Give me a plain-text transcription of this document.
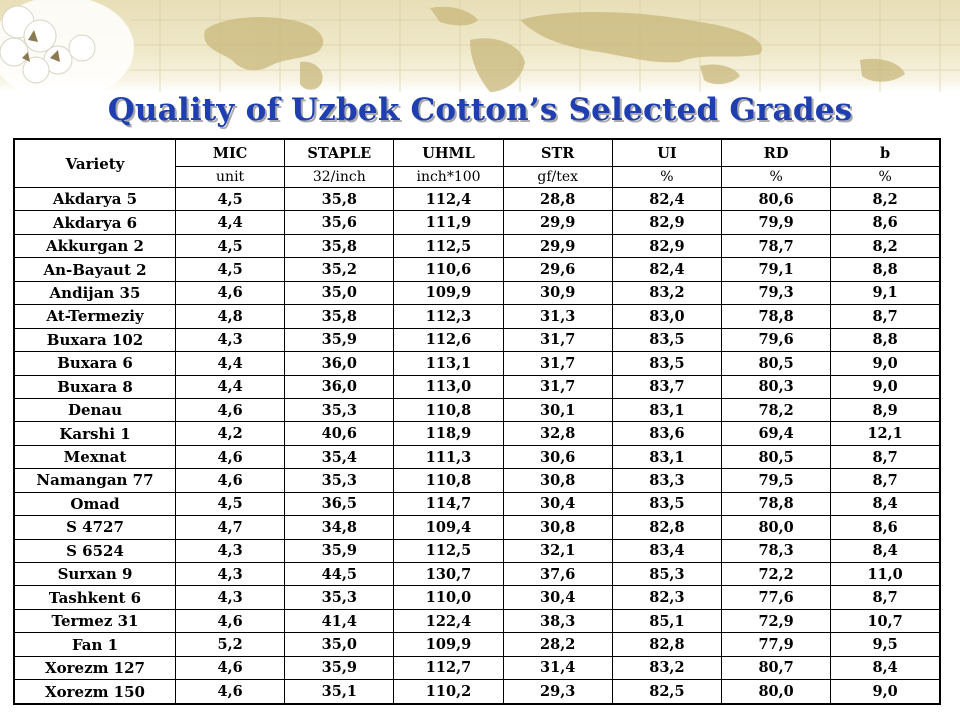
Quality of Uzbek Cotton’s Selected Grades
Variety	MIC	STAPLE	UHML	STR	UI	RD	b
	unit	32/inch	inch*100	gf/tex	%	%	%
Akdarya 5	4,5	35,8	112,4	28,8	82,4	80,6	8,2
Akdarya 6	4,4	35,6	111,9	29,9	82,9	79,9	8,6
Akkurgan 2	4,5	35,8	112,5	29,9	82,9	78,7	8,2
An-Bayaut 2	4,5	35,2	110,6	29,6	82,4	79,1	8,8
Andijan 35	4,6	35,0	109,9	30,9	83,2	79,3	9,1
At-Termeziy	4,8	35,8	112,3	31,3	83,0	78,8	8,7
Buxara 102	4,3	35,9	112,6	31,7	83,5	79,6	8,8
Buxara 6	4,4	36,0	113,1	31,7	83,5	80,5	9,0
Buxara 8	4,4	36,0	113,0	31,7	83,7	80,3	9,0
Denau	4,6	35,3	110,8	30,1	83,1	78,2	8,9
Karshi 1	4,2	40,6	118,9	32,8	83,6	69,4	12,1
Mexnat	4,6	35,4	111,3	30,6	83,1	80,5	8,7
Namangan 77	4,6	35,3	110,8	30,8	83,3	79,5	8,7
Omad	4,5	36,5	114,7	30,4	83,5	78,8	8,4
S 4727	4,7	34,8	109,4	30,8	82,8	80,0	8,6
S 6524	4,3	35,9	112,5	32,1	83,4	78,3	8,4
Surxan 9	4,3	44,5	130,7	37,6	85,3	72,2	11,0
Tashkent 6	4,3	35,3	110,0	30,4	82,3	77,6	8,7
Termez 31	4,6	41,4	122,4	38,3	85,1	72,9	10,7
Fan 1	5,2	35,0	109,9	28,2	82,8	77,9	9,5
Xorezm 127	4,6	35,9	112,7	31,4	83,2	80,7	8,4
Xorezm 150	4,6	35,1	110,2	29,3	82,5	80,0	9,0
